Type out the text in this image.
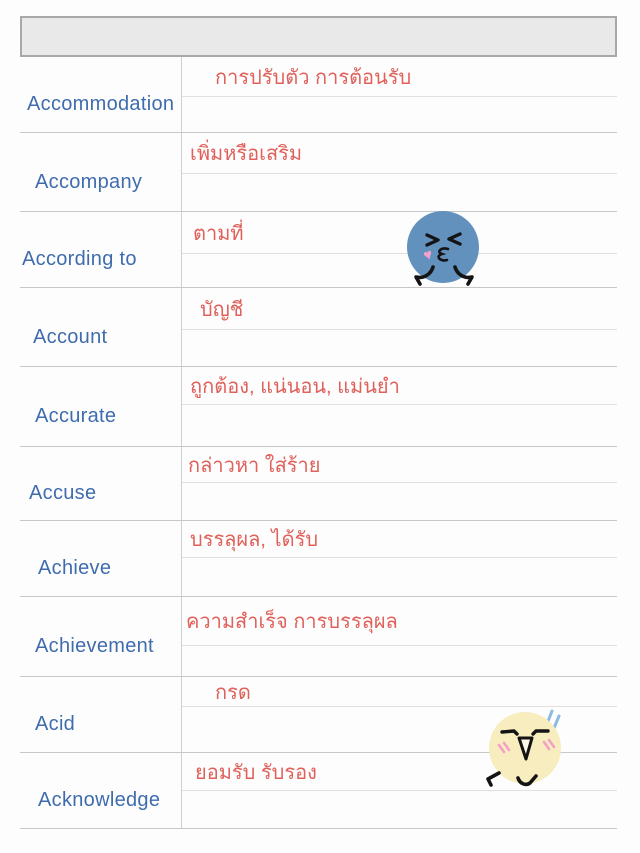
Accommodation
การปรับตัว การต้อนรับ
Accompany
เพิ่มหรือเสริม
According to
ตามที่
Account
บัญชี
Accurate
ถูกต้อง, แน่นอน, แม่นยำ
Accuse
กล่าวหา ใส่ร้าย
Achieve
บรรลุผล, ได้รับ
Achievement
ความสำเร็จ การบรรลุผล
Acid
กรด
Acknowledge
ยอมรับ รับรอง
♥
